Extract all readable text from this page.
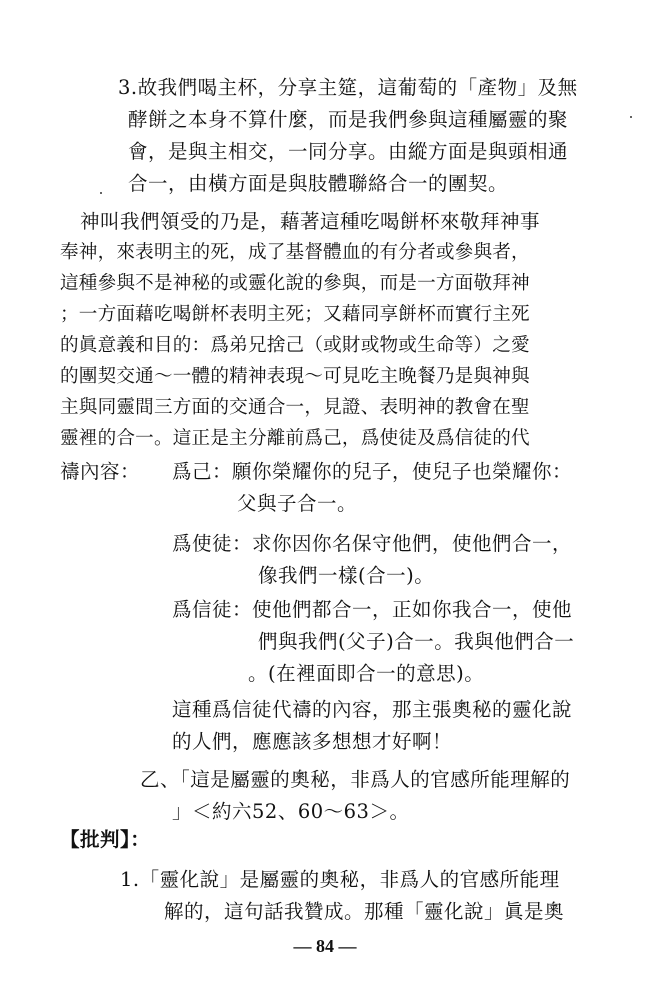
3.故我們喝主杯，分享主筵，這葡萄的「產物」及無
酵餅之本身不算什麼，而是我們參與這種屬靈的聚
會，是與主相交，一同分享。由縱方面是與頭相通
合一，由橫方面是與肢體聯絡合一的團契。
神叫我們領受的乃是，藉著這種吃喝餅杯來敬拜神事
奉神，來表明主的死，成了基督體血的有分者或參與者，
這種參與不是神秘的或靈化說的參與，而是一方面敬拜神
；一方面藉吃喝餅杯表明主死；又藉同享餅杯而實行主死
的眞意義和目的：爲弟兄捨己（或財或物或生命等）之愛
的團契交通～一體的精神表現～可見吃主晚餐乃是與神與
主與同靈間三方面的交通合一，見證、表明神的教會在聖
靈裡的合一。這正是主分離前爲己，爲使徒及爲信徒的代
禱內容： 爲己：願你榮耀你的兒子，使兒子也榮耀你：
父與子合一。
爲使徒：求你因你名保守他們，使他們合一，
像我們一樣(合一)。
爲信徒：使他們都合一，正如你我合一，使他
們與我們(父子)合一。我與他們合一
。(在裡面即合一的意思)。
這種爲信徒代禱的內容，那主張奧秘的靈化說
的人們，應應該多想想才好啊！
乙、「這是屬靈的奧秘，非爲人的官感所能理解的
」＜約六52、60～63＞。
【批判】：
1.「靈化說」是屬靈的奧秘，非爲人的官感所能理
解的，這句話我贊成。那種「靈化說」眞是奧
— 84 —
